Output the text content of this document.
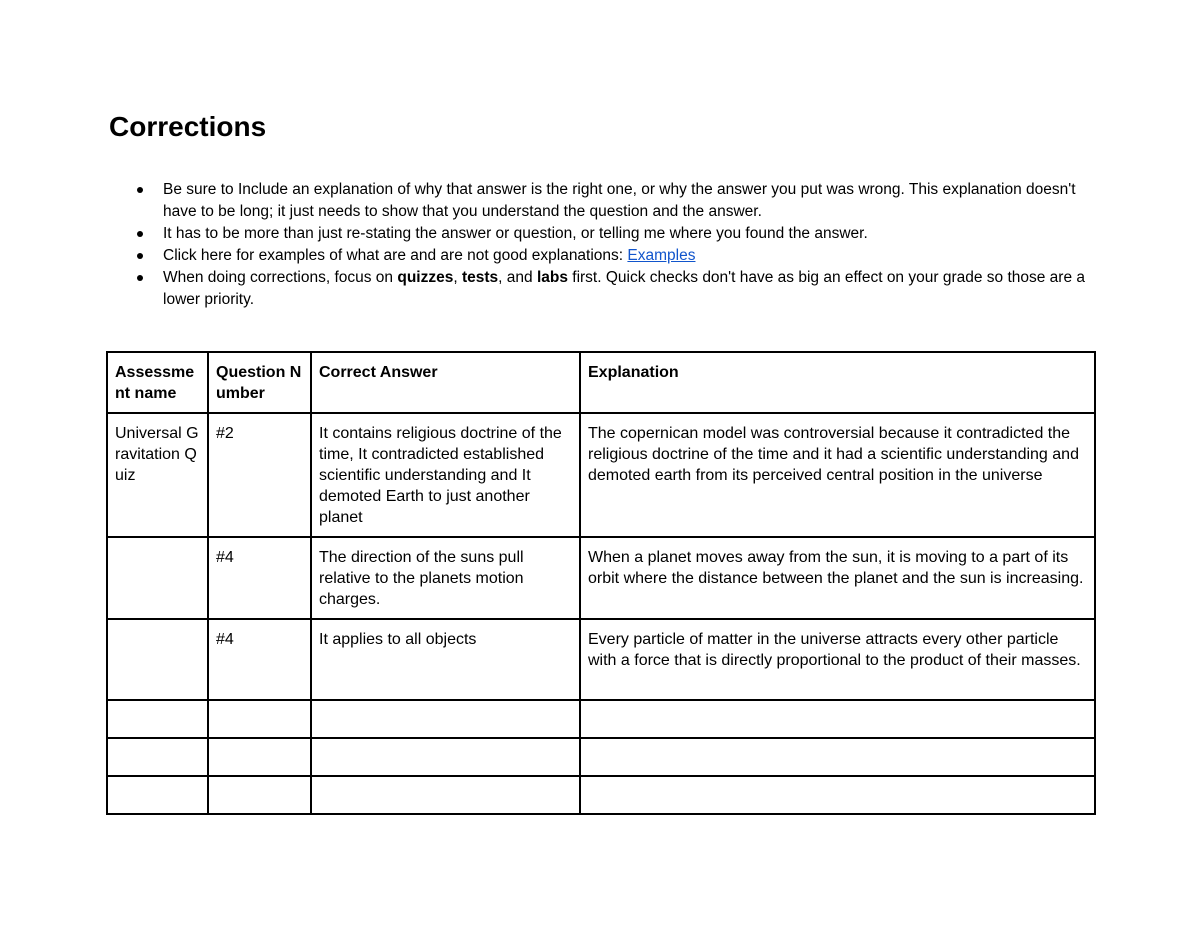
Corrections
Be sure to Include an explanation of why that answer is the right one, or why the answer you put was wrong. This explanation doesn't have to be long; it just needs to show that you understand the question and the answer.
It has to be more than just re-stating the answer or question, or telling me where you found the answer.
Click here for examples of what are and are not good explanations: Examples
When doing corrections, focus on quizzes, tests, and labs first. Quick checks don't have as big an effect on your grade so those are a lower priority.
Assessment name	Question Number	Correct Answer	Explanation
Universal Gravitation Quiz	#2	It contains religious doctrine of the time, It contradicted established scientific understanding and It demoted Earth to just another planet	The copernican model was controversial because it contradicted the religious doctrine of the time and it had a scientific understanding and demoted earth from its perceived central position in the universe
	#4	The direction of the suns pull relative to the planets motion charges.	When a planet moves away from the sun, it is moving to a part of its orbit where the distance between the planet and the sun is increasing.
	#4	It applies to all objects	Every particle of matter in the universe attracts every other particle with a force that is directly proportional to the product of their masses.
